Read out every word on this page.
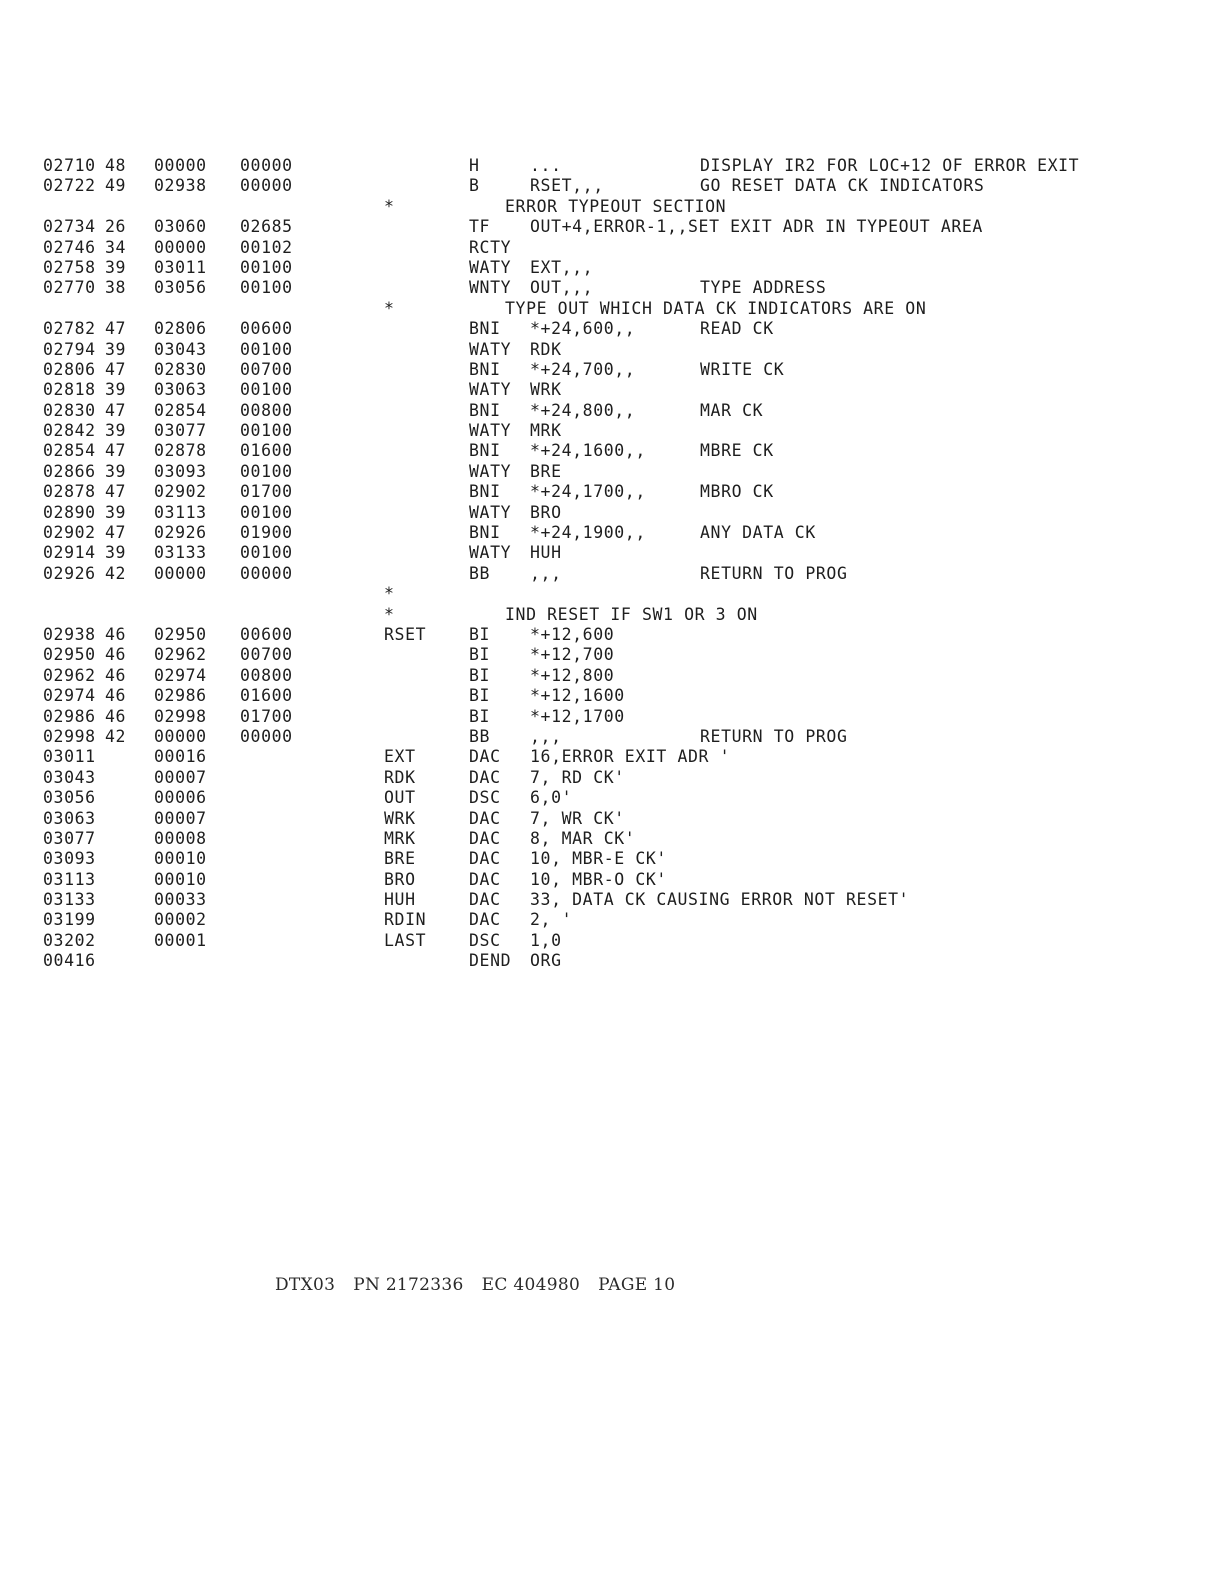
02710 48 00000 00000	H	...	DISPLAY IR2 FOR LOC+12 OF ERROR EXIT
02722 49 02938 00000	B	RSET,,,	GO RESET DATA CK INDICATORS
*	ERROR TYPEOUT SECTION
02734 26 03060 02685	TF OUT+4,ERROR-1,,SET EXIT ADR IN TYPEOUT AREA
02746 34 00000 00102	RCTY
02758 39 03011 00100	WATY EXT,,,
02770 38 03056 00100	WNTY OUT,,,	TYPE ADDRESS
*	TYPE OUT WHICH DATA CK INDICATORS ARE ON
02782 47 02806 00600	BNI *+24,600,,	READ CK
02794 39 03043 00100	WATY RDK
02806 47 02830 00700	BNI *+24,700,,	WRITE CK
02818 39 03063 00100	WATY WRK
02830 47 02854 00800	BNI *+24,800,,	MAR CK
02842 39 03077 00100	WATY MRK
02854 47 02878 01600	BNI *+24,1600,,	MBRE CK
02866 39 03093 00100	WATY BRE
02878 47 02902 01700	BNI *+24,1700,,	MBRO CK
02890 39 03113 00100	WATY BRO
02902 47 02926 01900	BNI *+24,1900,,	ANY DATA CK
02914 39 03133 00100	WATY HUH
02926 42 00000 00000	BB ,,,	RETURN TO PROG
*
*	IND RESET IF SW1 OR 3 ON
02938 46 02950 00600	RSET	BI *+12,600
02950 46 02962 00700	BI *+12,700
02962 46 02974 00800	BI *+12,800
02974 46 02986 01600	BI *+12,1600
02986 46 02998 01700	BI *+12,1700
02998 42 00000 00000	BB ,,,	RETURN TO PROG
03011	00016	EXT	DAC 16,ERROR EXIT ADR '
03043	00007	RDK	DAC 7, RD CK'
03056	00006	OUT	DSC 6,0'
03063	00007	WRK	DAC 7, WR CK'
03077	00008	MRK	DAC 8, MAR CK'
03093	00010	BRE	DAC 10, MBR-E CK'
03113	00010	BRO	DAC 10, MBR-O CK'
03133	00033	HUH	DAC 33, DATA CK CAUSING ERROR NOT RESET'
03199	00002	RDIN	DAC 2, '
03202	00001	LAST	DSC 1,0
00416	DEND ORG
DTX03 PN 2172336 EC 404980 PAGE 10
